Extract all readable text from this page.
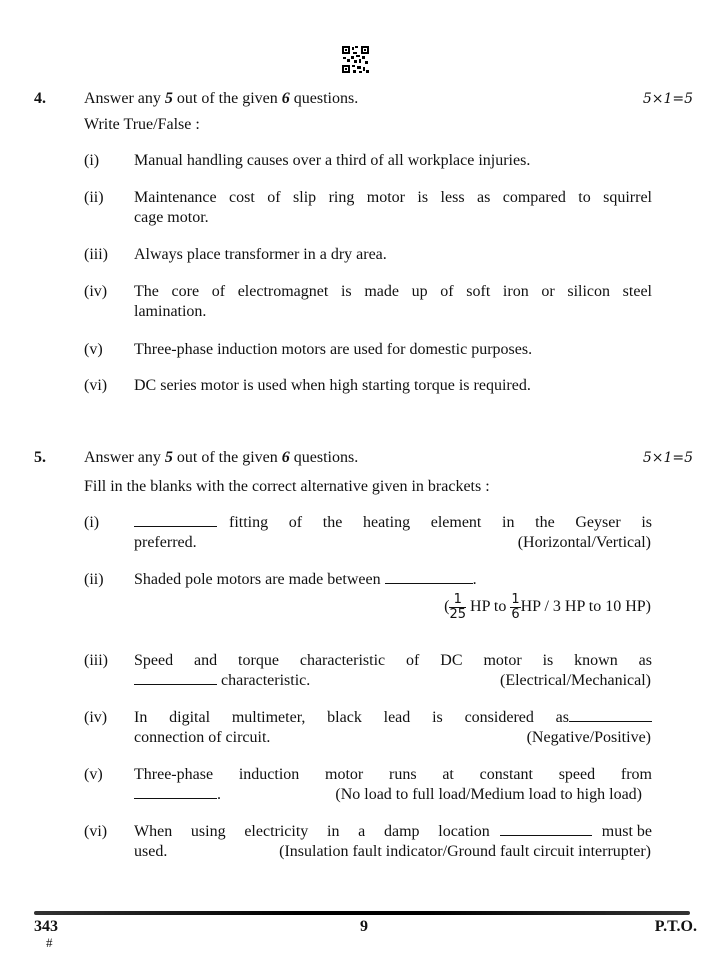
4. Answer any 5 out of the given 6 questions.	5×1=5
Write True/False :
(i) Manual handling causes over a third of all workplace injuries.
(ii) Maintenance cost of slip ring motor is less as compared to squirrel
cage motor.
(iii) Always place transformer in a dry area.
(iv) The core of electromagnet is made up of soft iron or silicon steel
lamination.
(v) Three-phase induction motors are used for domestic purposes.
(vi) DC series motor is used when high starting torque is required.
5. Answer any 5 out of the given 6 questions.	5×1=5
Fill in the blanks with the correct alternative given in brackets :
(i)	fitting of the heating element in the Geyser is
preferred.	(Horizontal/Vertical)
(ii) Shaded pole motors are made between	.
( $\frac{1}{25}$ HP to $\frac{1}{6}$ HP / 3 HP to 10 HP)
(iii) Speed and torque characteristic of DC motor is known as
characteristic.	(Electrical/Mechanical)
(iv) In digital multimeter, black lead is considered as
connection of circuit.	(Negative/Positive)
(v) Three-phase induction motor runs at constant speed from
.	(No load to full load/Medium load to high load)
(vi) When using electricity in a damp location	must be
used.	(Insulation fault indicator/Ground fault circuit interrupter)
343
#
9	P.T.O.
